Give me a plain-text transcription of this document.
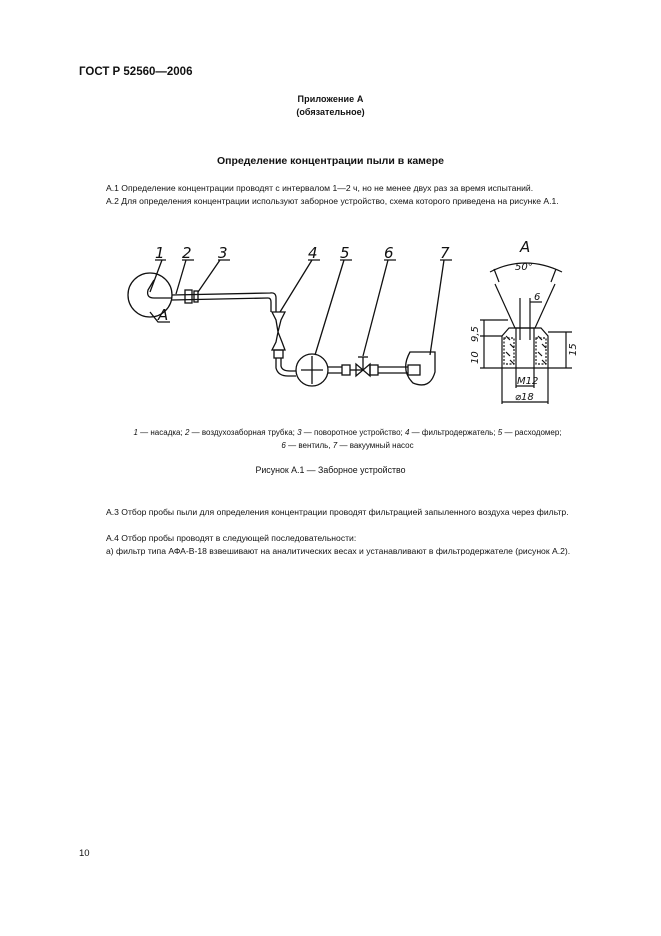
ГОСТ Р 52560—2006
Приложение А
(обязательное)
Определение концентрации пыли в камере
А.1 Определение концентрации проводят с интервалом 1—2 ч, но не менее двух раз за время испытаний.
А.2 Для определения концентрации используют заборное устройство, схема которого приведена на рисунке А.1.
1 2 3	4 5 6	7
А
А
50°
6
9,5
10
15
М12
⌀18
1 — насадка; 2 — воздухозаборная трубка; 3 — поворотное устройство; 4 — фильтродержатель; 5 — расходомер;
6 — вентиль, 7 — вакуумный насос
Рисунок А.1 — Заборное устройство
А.3 Отбор пробы пыли для определения концентрации проводят фильтрацией запыленного воздуха через фильтр.
А.4 Отбор пробы проводят в следующей последовательности:
а) фильтр типа АФА-В-18 взвешивают на аналитических весах и устанавливают в фильтродержателе (рисунок А.2).
10
